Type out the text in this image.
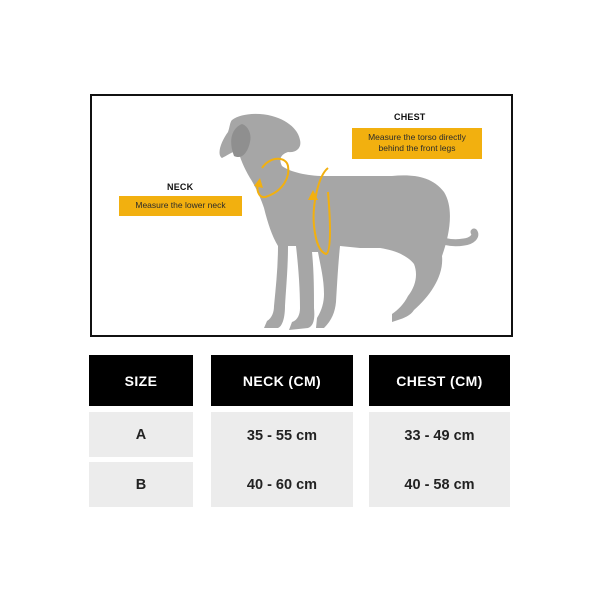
NECK
Measure the lower neck
CHEST
Measure the torso directly
behind the front legs
SIZE
A
B
NECK (CM)
35 - 55 cm
40 - 60 cm
CHEST (CM)
33 - 49 cm
40 - 58 cm
